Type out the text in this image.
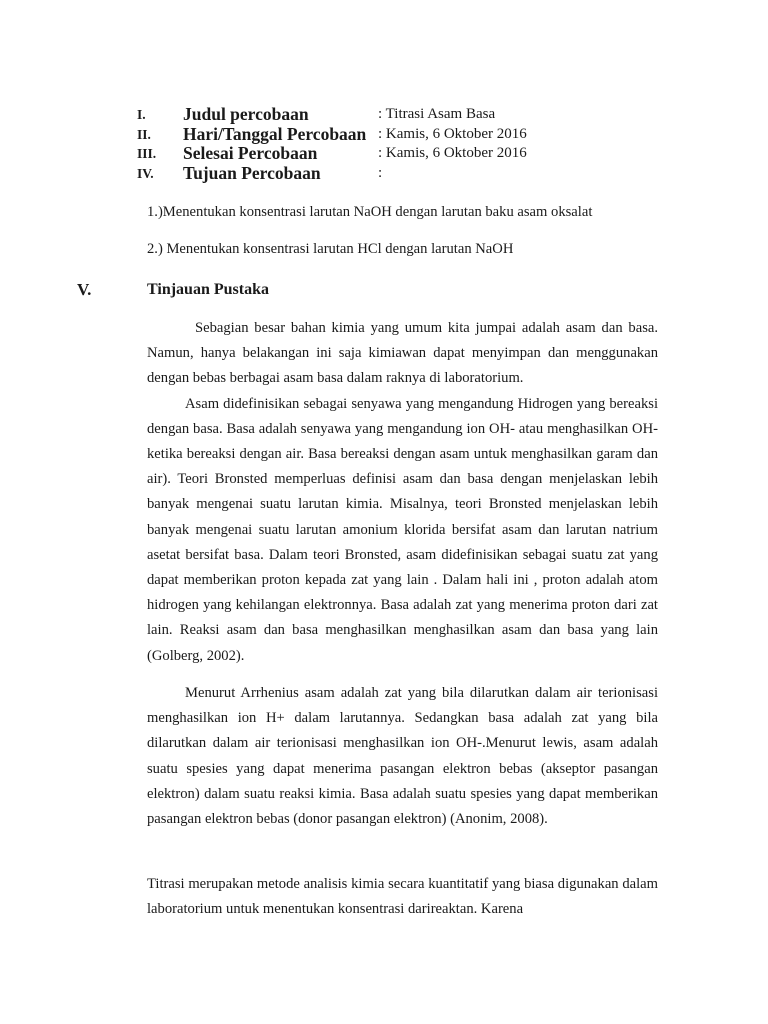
I. Judul percobaan	: Titrasi Asam Basa
II. Hari/Tanggal Percobaan : Kamis, 6 Oktober 2016
III. Selesai Percobaan	: Kamis, 6 Oktober 2016
IV. Tujuan Percobaan	:
1.)Menentukan konsentrasi larutan NaOH dengan larutan baku asam oksalat
2.) Menentukan konsentrasi larutan HCl dengan larutan NaOH
V.	Tinjauan Pustaka

Sebagian besar bahan kimia yang umum kita jumpai adalah asam dan basa. Namun, hanya belakangan ini saja kimiawan dapat menyimpan dan menggunakan dengan bebas berbagai asam basa dalam raknya di laboratorium.

Asam didefinisikan sebagai senyawa yang mengandung Hidrogen yang bereaksi dengan basa. Basa adalah senyawa yang mengandung ion OH- atau menghasilkan OH-ketika bereaksi dengan air. Basa bereaksi dengan asam untuk menghasilkan garam dan air). Teori Bronsted memperluas definisi asam dan basa dengan menjelaskan lebih banyak mengenai suatu larutan kimia. Misalnya, teori Bronsted menjelaskan lebih banyak mengenai suatu larutan amonium klorida bersifat asam dan larutan natrium asetat bersifat basa. Dalam teori Bronsted, asam didefinisikan sebagai suatu zat yang dapat memberikan proton kepada zat yang lain . Dalam hali ini , proton adalah atom hidrogen yang kehilangan elektronnya. Basa adalah zat yang menerima proton dari zat lain. Reaksi asam dan basa menghasilkan menghasilkan asam dan basa yang lain (Golberg, 2002).

Menurut Arrhenius asam adalah zat yang bila dilarutkan dalam air terionisasi menghasilkan ion H+ dalam larutannya. Sedangkan basa adalah zat yang bila dilarutkan dalam air terionisasi menghasilkan ion OH-.Menurut lewis, asam adalah suatu spesies yang dapat menerima pasangan elektron bebas (akseptor pasangan elektron) dalam suatu reaksi kimia. Basa adalah suatu spesies yang dapat memberikan pasangan elektron bebas (donor pasangan elektron) (Anonim, 2008).

Titrasi merupakan metode analisis kimia secara kuantitatif yang biasa digunakan dalam laboratorium untuk menentukan konsentrasi darireaktan. Karena
